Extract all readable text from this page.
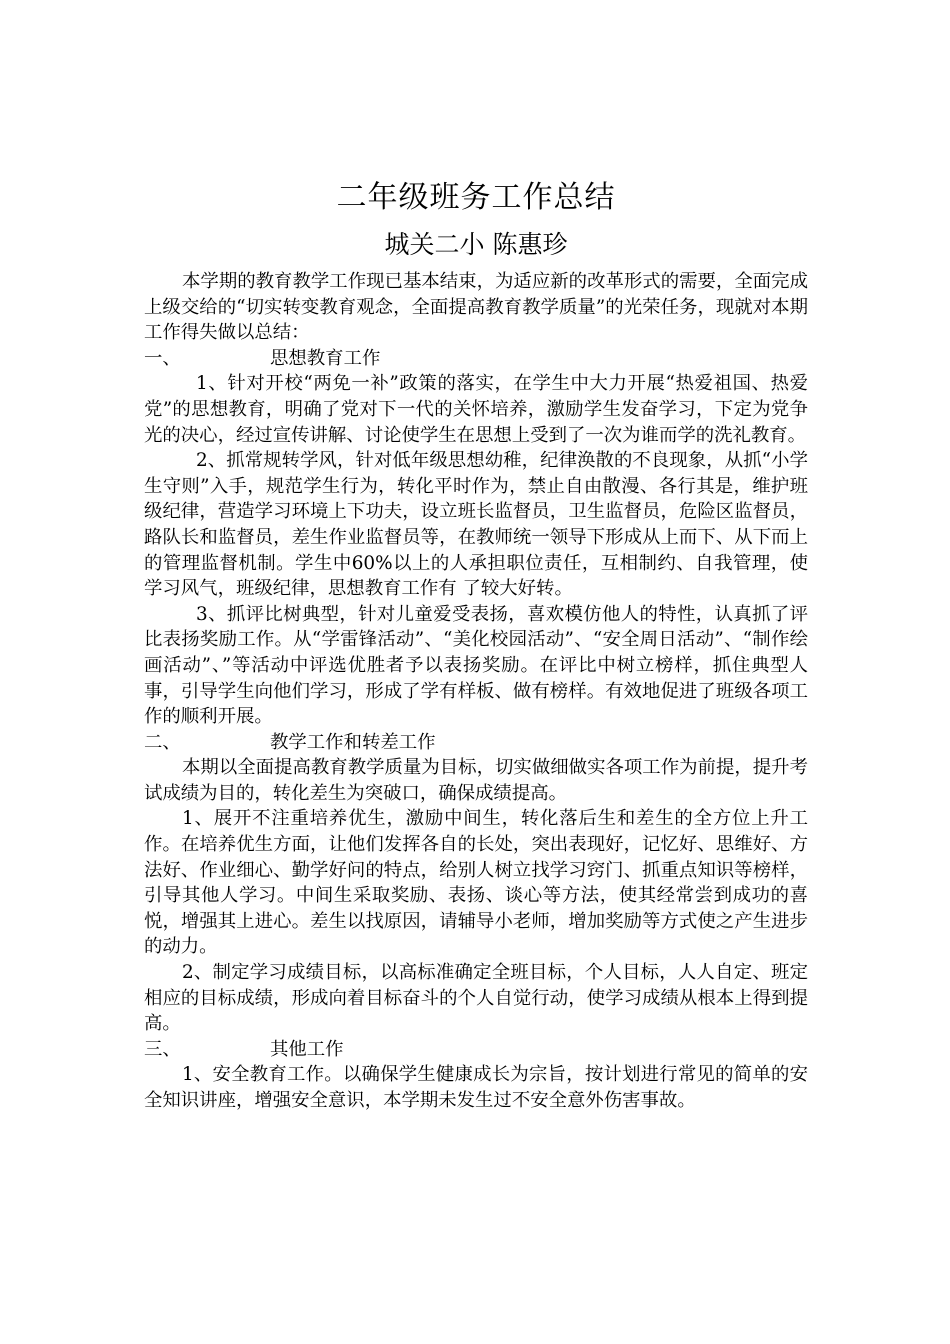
二年级班务工作总结
城关二小 陈惠珍

本学期的教育教学工作现已基本结束，为适应新的改革形式的需要，全面完成上级交给的“切实转变教育观念，全面提高教育教学质量”的光荣任务，现就对本期工作得失做以总结：

一、	思想教育工作

1、针对开校“两免一补”政策的落实，在学生中大力开展“热爱祖国、热爱党”的思想教育，明确了党对下一代的关怀培养，激励学生发奋学习，下定为党争光的决心，经过宣传讲解、讨论使学生在思想上受到了一次为谁而学的洗礼教育。

2、抓常规转学风，针对低年级思想幼稚，纪律涣散的不良现象，从抓“小学生守则”入手，规范学生行为，转化平时作为，禁止自由散漫、各行其是，维护班级纪律，营造学习环境上下功夫，设立班长监督员，卫生监督员，危险区监督员，路队长和监督员，差生作业监督员等，在教师统一领导下形成从上而下、从下而上的管理监督机制。学生中60%以上的人承担职位责任，互相制约、自我管理，使学习风气，班级纪律，思想教育工作有 了较大好转。

3、抓评比树典型，针对儿童爱受表扬，喜欢模仿他人的特性，认真抓了评比表扬奖励工作。从“学雷锋活动”、“美化校园活动”、“安全周日活动”、“制作绘画活动”、”等活动中评选优胜者予以表扬奖励。在评比中树立榜样，抓住典型人事，引导学生向他们学习，形成了学有样板、做有榜样。有效地促进了班级各项工作的顺利开展。

二、	教学工作和转差工作

本期以全面提高教育教学质量为目标，切实做细做实各项工作为前提，提升考试成绩为目的，转化差生为突破口，确保成绩提高。

1、展开不注重培养优生，激励中间生，转化落后生和差生的全方位上升工作。在培养优生方面，让他们发挥各自的长处，突出表现好，记忆好、思维好、方法好、作业细心、勤学好问的特点，给别人树立找学习窍门、抓重点知识等榜样，引导其他人学习。中间生采取奖励、表扬、谈心等方法，使其经常尝到成功的喜悦，增强其上进心。差生以找原因，请辅导小老师，增加奖励等方式使之产生进步的动力。

2、制定学习成绩目标，以高标准确定全班目标，个人目标，人人自定、班定相应的目标成绩，形成向着目标奋斗的个人自觉行动，使学习成绩从根本上得到提高。

三、	其他工作

1、安全教育工作。以确保学生健康成长为宗旨，按计划进行常见的简单的安全知识讲座，增强安全意识，本学期未发生过不安全意外伤害事故。
